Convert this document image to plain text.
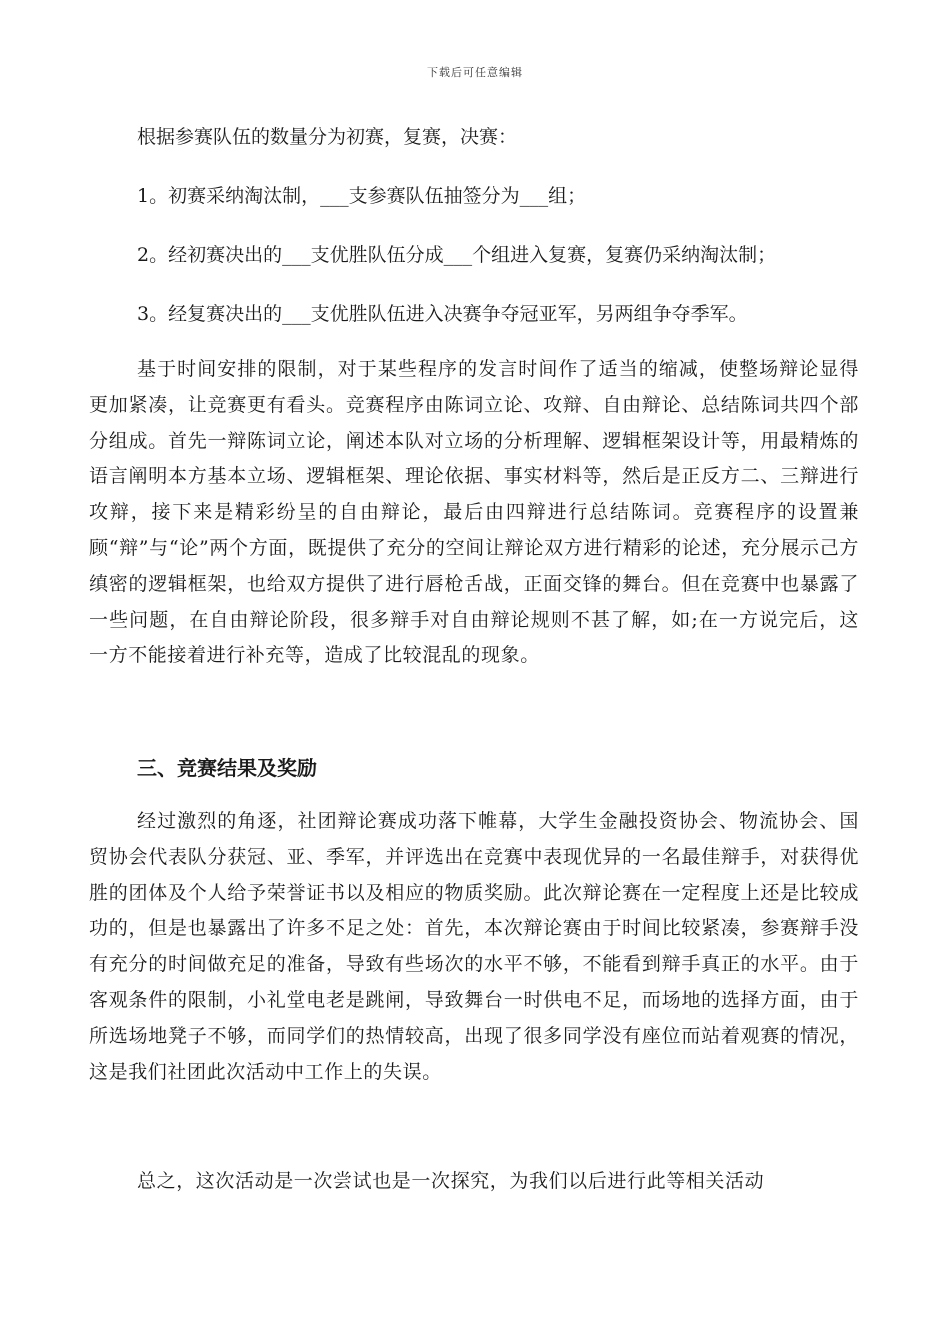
下载后可任意编辑
根据参赛队伍的数量分为初赛，复赛，决赛：
1。初赛采纳淘汰制，___支参赛队伍抽签分为___组；
2。经初赛决出的___支优胜队伍分成___个组进入复赛，复赛仍采纳淘汰制；
3。经复赛决出的___支优胜队伍进入决赛争夺冠亚军，另两组争夺季军。
基于时间安排的限制，对于某些程序的发言时间作了适当的缩减，使整场辩论显得更加紧凑，让竞赛更有看头。竞赛程序由陈词立论、攻辩、自由辩论、总结陈词共四个部分组成。首先一辩陈词立论，阐述本队对立场的分析理解、逻辑框架设计等，用最精炼的语言阐明本方基本立场、逻辑框架、理论依据、事实材料等，然后是正反方二、三辩进行攻辩，接下来是精彩纷呈的自由辩论，最后由四辩进行总结陈词。竞赛程序的设置兼顾“辩”与“论”两个方面，既提供了充分的空间让辩论双方进行精彩的论述，充分展示己方缜密的逻辑框架，也给双方提供了进行唇枪舌战，正面交锋的舞台。但在竞赛中也暴露了一些问题，在自由辩论阶段，很多辩手对自由辩论规则不甚了解，如;在一方说完后，这一方不能接着进行补充等，造成了比较混乱的现象。
三、竞赛结果及奖励
经过激烈的角逐，社团辩论赛成功落下帷幕，大学生金融投资协会、物流协会、国贸协会代表队分获冠、亚、季军，并评选出在竞赛中表现优异的一名最佳辩手，对获得优胜的团体及个人给予荣誉证书以及相应的物质奖励。此次辩论赛在一定程度上还是比较成功的，但是也暴露出了许多不足之处：首先，本次辩论赛由于时间比较紧凑，参赛辩手没有充分的时间做充足的准备，导致有些场次的水平不够，不能看到辩手真正的水平。由于客观条件的限制，小礼堂电老是跳闸，导致舞台一时供电不足，而场地的选择方面，由于所选场地凳子不够，而同学们的热情较高，出现了很多同学没有座位而站着观赛的情况，这是我们社团此次活动中工作上的失误。
总之，这次活动是一次尝试也是一次探究，为我们以后进行此等相关活动
